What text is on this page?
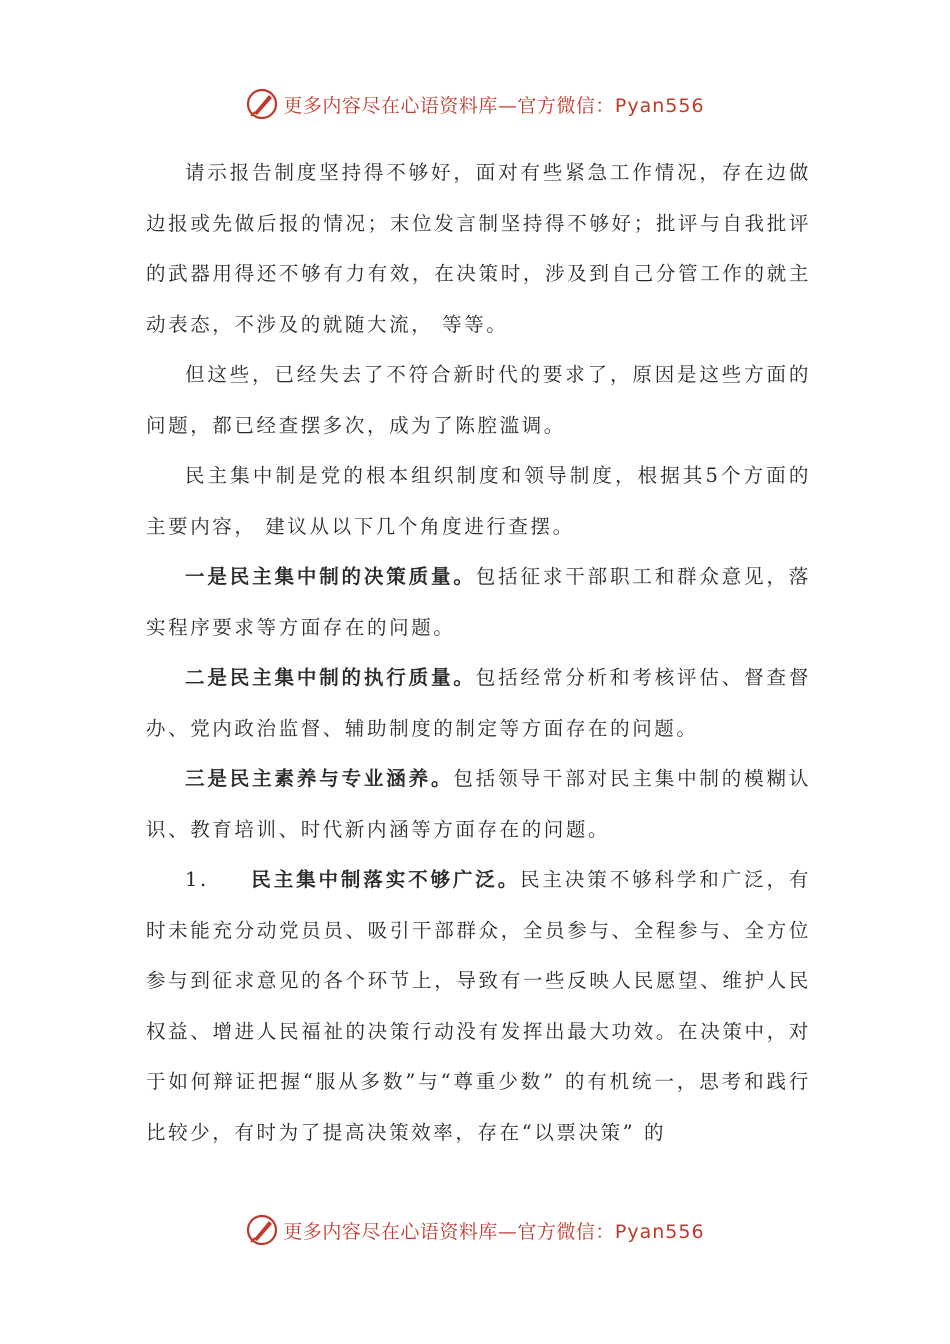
更多内容尽在心语资料库—官方微信：Pyan556

请示报告制度坚持得不够好，面对有些紧急工作情况，存在边做边报或先做后报的情况；末位发言制坚持得不够好；批评与自我批评的武器用得还不够有力有效，在决策时，涉及到自己分管工作的就主动表态，不涉及的就随大流， 等等。

但这些，已经失去了不符合新时代的要求了，原因是这些方面的问题，都已经查摆多次，成为了陈腔滥调。

民主集中制是党的根本组织制度和领导制度，根据其5个方面的主要内容， 建议从以下几个角度进行查摆。

一是民主集中制的决策质量。包括征求干部职工和群众意见，落实程序要求等方面存在的问题。

二是民主集中制的执行质量。包括经常分析和考核评估、督查督办、党内政治监督、辅助制度的制定等方面存在的问题。

三是民主素养与专业涵养。包括领导干部对民主集中制的模糊认识、教育培训、时代新内涵等方面存在的问题。

1. 民主集中制落实不够广泛。民主决策不够科学和广泛，有时未能充分动党员员、吸引干部群众，全员参与、全程参与、全方位参与到征求意见的各个环节上，导致有一些反映人民愿望、维护人民权益、增进人民福祉的决策行动没有发挥出最大功效。在决策中，对于如何辩证把握“服从多数”与“尊重少数” 的有机统一，思考和践行比较少，有时为了提高决策效率，存在“以票决策” 的

更多内容尽在心语资料库—官方微信：Pyan556
